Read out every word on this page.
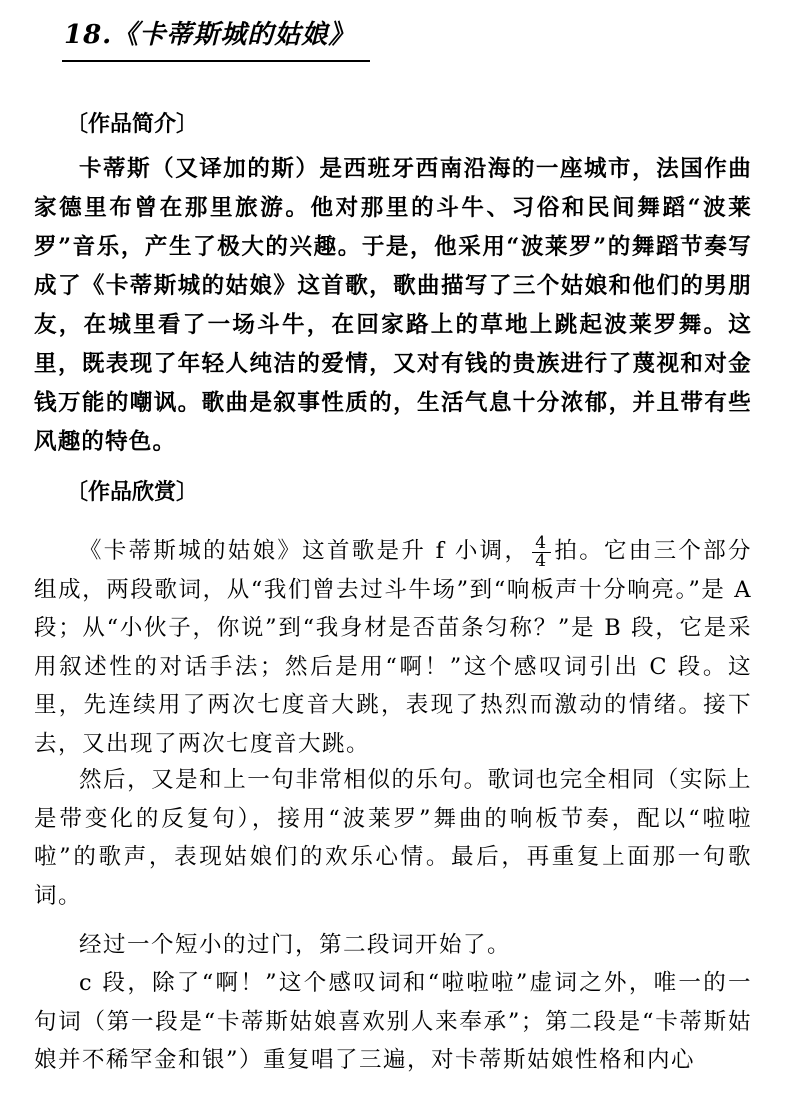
18.《卡蒂斯城的姑娘》
〔作品简介〕

卡蒂斯（又译加的斯）是西班牙西南沿海的一座城市，法国作曲家德里布曾在那里旅游。他对那里的斗牛、习俗和民间舞蹈“波莱罗”音乐，产生了极大的兴趣。于是，他采用“波莱罗”的舞蹈节奏写成了《卡蒂斯城的姑娘》这首歌，歌曲描写了三个姑娘和他们的男朋友，在城里看了一场斗牛，在回家路上的草地上跳起波莱罗舞。这里，既表现了年轻人纯洁的爱情，又对有钱的贵族进行了蔑视和对金钱万能的嘲讽。歌曲是叙事性质的，生活气息十分浓郁，并且带有些风趣的特色。

〔作品欣赏〕

《卡蒂斯城的姑娘》这首歌是升 f 小调， $\frac{4}{4}$ 拍。它由三个部分组成，两段歌词，从“我们曾去过斗牛场”到“响板声十分响亮。”是 A 段；从“小伙子，你说”到“我身材是否苗条匀称？”是 B 段，它是采用叙述性的对话手法；然后是用“啊！”这个感叹词引出 C 段。这里，先连续用了两次七度音大跳，表现了热烈而激动的情绪。接下去，又出现了两次七度音大跳。

然后，又是和上一句非常相似的乐句。歌词也完全相同（实际上是带变化的反复句），接用“波莱罗”舞曲的响板节奏，配以“啦啦啦”的歌声，表现姑娘们的欢乐心情。最后，再重复上面那一句歌词。

经过一个短小的过门，第二段词开始了。

c 段，除了“啊！”这个感叹词和“啦啦啦”虚词之外，唯一的一句词（第一段是“卡蒂斯姑娘喜欢别人来奉承”；第二段是“卡蒂斯姑娘并不稀罕金和银”）重复唱了三遍，对卡蒂斯姑娘性格和内心
